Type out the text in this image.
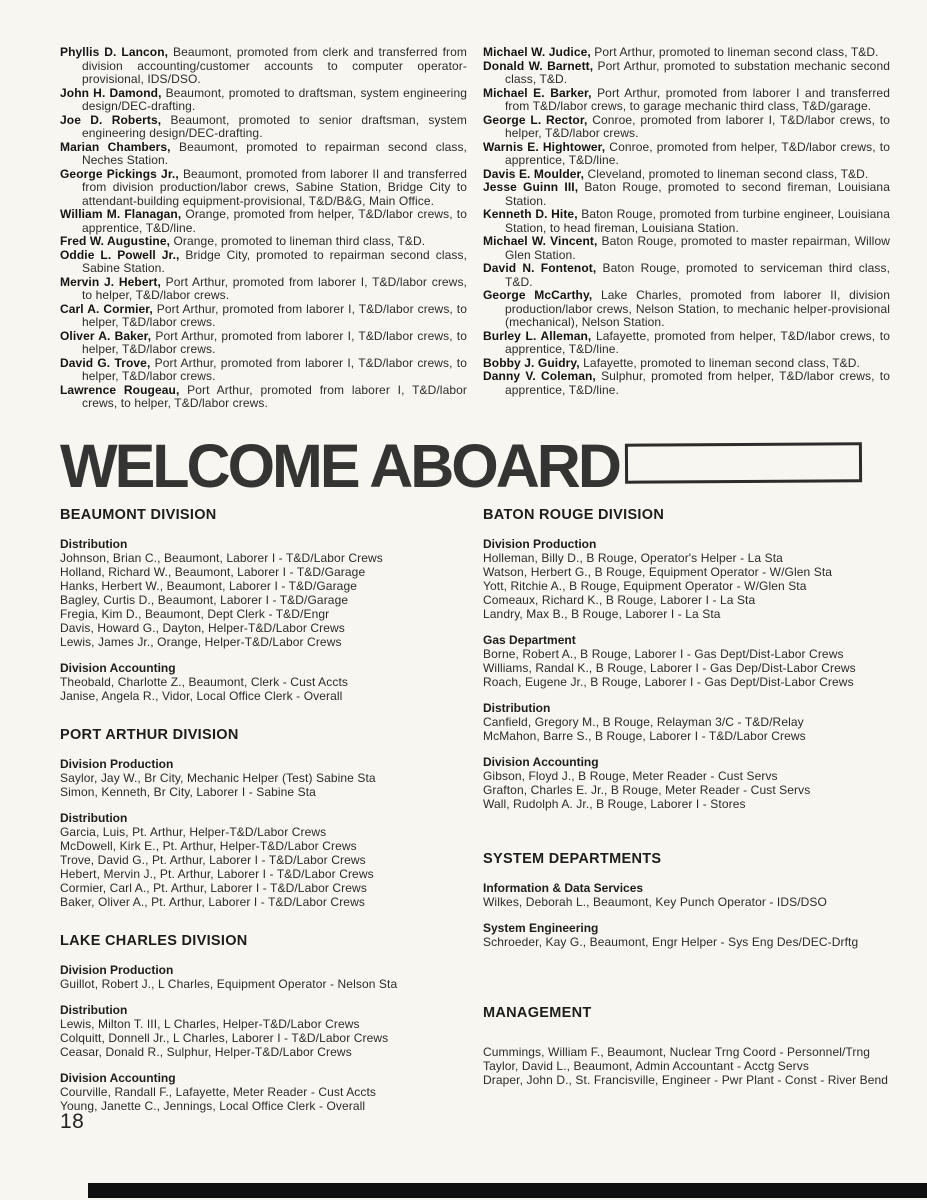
Phyllis D. Lancon, Beaumont, promoted from clerk and transferred from division accounting/customer accounts to computer operator-provisional, IDS/DSO.

John H. Damond, Beaumont, promoted to draftsman, system engineering design/DEC-drafting.

Joe D. Roberts, Beaumont, promoted to senior draftsman, system engineering design/DEC-drafting.

Marian Chambers, Beaumont, promoted to repairman second class, Neches Station.

George Pickings Jr., Beaumont, promoted from laborer II and transferred from division production/labor crews, Sabine Station, Bridge City to attendant-building equipment-provisional, T&D/B&G, Main Office.

William M. Flanagan, Orange, promoted from helper, T&D/labor crews, to apprentice, T&D/line.

Fred W. Augustine, Orange, promoted to lineman third class, T&D.

Oddie L. Powell Jr., Bridge City, promoted to repairman second class, Sabine Station.

Mervin J. Hebert, Port Arthur, promoted from laborer I, T&D/labor crews, to helper, T&D/labor crews.

Carl A. Cormier, Port Arthur, promoted from laborer I, T&D/labor crews, to helper, T&D/labor crews.

Oliver A. Baker, Port Arthur, promoted from laborer I, T&D/labor crews, to helper, T&D/labor crews.

David G. Trove, Port Arthur, promoted from laborer I, T&D/labor crews, to helper, T&D/labor crews.

Lawrence Rougeau, Port Arthur, promoted from laborer I, T&D/labor crews, to helper, T&D/labor crews.

Michael W. Judice, Port Arthur, promoted to lineman second class, T&D.

Donald W. Barnett, Port Arthur, promoted to substation mechanic second class, T&D.

Michael E. Barker, Port Arthur, promoted from laborer I and transferred from T&D/labor crews, to garage mechanic third class, T&D/garage.

George L. Rector, Conroe, promoted from laborer I, T&D/labor crews, to helper, T&D/labor crews.

Warnis E. Hightower, Conroe, promoted from helper, T&D/labor crews, to apprentice, T&D/line.

Davis E. Moulder, Cleveland, promoted to lineman second class, T&D.

Jesse Guinn III, Baton Rouge, promoted to second fireman, Louisiana Station.

Kenneth D. Hite, Baton Rouge, promoted from turbine engineer, Louisiana Station, to head fireman, Louisiana Station.

Michael W. Vincent, Baton Rouge, promoted to master repairman, Willow Glen Station.

David N. Fontenot, Baton Rouge, promoted to serviceman third class, T&D.

George McCarthy, Lake Charles, promoted from laborer II, division production/labor crews, Nelson Station, to mechanic helper-provisional (mechanical), Nelson Station.

Burley L. Alleman, Lafayette, promoted from helper, T&D/labor crews, to apprentice, T&D/line.

Bobby J. Guidry, Lafayette, promoted to lineman second class, T&D.

Danny V. Coleman, Sulphur, promoted from helper, T&D/labor crews, to apprentice, T&D/line.

WELCOME ABOARD
BEAUMONT DIVISION
Distribution

Johnson, Brian C., Beaumont, Laborer I - T&D/Labor Crews

Holland, Richard W., Beaumont, Laborer I - T&D/Garage

Hanks, Herbert W., Beaumont, Laborer I - T&D/Garage

Bagley, Curtis D., Beaumont, Laborer I - T&D/Garage

Fregia, Kim D., Beaumont, Dept Clerk - T&D/Engr

Davis, Howard G., Dayton, Helper-T&D/Labor Crews

Lewis, James Jr., Orange, Helper-T&D/Labor Crews

Division Accounting

Theobald, Charlotte Z., Beaumont, Clerk - Cust Accts

Janise, Angela R., Vidor, Local Office Clerk - Overall

PORT ARTHUR DIVISION
Division Production

Saylor, Jay W., Br City, Mechanic Helper (Test) Sabine Sta

Simon, Kenneth, Br City, Laborer I - Sabine Sta

Distribution

Garcia, Luis, Pt. Arthur, Helper-T&D/Labor Crews

McDowell, Kirk E., Pt. Arthur, Helper-T&D/Labor Crews

Trove, David G., Pt. Arthur, Laborer I - T&D/Labor Crews

Hebert, Mervin J., Pt. Arthur, Laborer I - T&D/Labor Crews

Cormier, Carl A., Pt. Arthur, Laborer I - T&D/Labor Crews

Baker, Oliver A., Pt. Arthur, Laborer I - T&D/Labor Crews

LAKE CHARLES DIVISION
Division Production

Guillot, Robert J., L Charles, Equipment Operator - Nelson Sta

Distribution

Lewis, Milton T. III, L Charles, Helper-T&D/Labor Crews

Colquitt, Donnell Jr., L Charles, Laborer I - T&D/Labor Crews

Ceasar, Donald R., Sulphur, Helper-T&D/Labor Crews

Division Accounting

Courville, Randall F., Lafayette, Meter Reader - Cust Accts

Young, Janette C., Jennings, Local Office Clerk - Overall

BATON ROUGE DIVISION
Division Production

Holleman, Billy D., B Rouge, Operator's Helper - La Sta

Watson, Herbert G., B Rouge, Equipment Operator - W/Glen Sta

Yott, Ritchie A., B Rouge, Equipment Operator - W/Glen Sta

Comeaux, Richard K., B Rouge, Laborer I - La Sta

Landry, Max B., B Rouge, Laborer I - La Sta

Gas Department

Borne, Robert A., B Rouge, Laborer I - Gas Dept/Dist-Labor Crews

Williams, Randal K., B Rouge, Laborer I - Gas Dep/Dist-Labor Crews

Roach, Eugene Jr., B Rouge, Laborer I - Gas Dept/Dist-Labor Crews

Distribution

Canfield, Gregory M., B Rouge, Relayman 3/C - T&D/Relay

McMahon, Barre S., B Rouge, Laborer I - T&D/Labor Crews

Division Accounting

Gibson, Floyd J., B Rouge, Meter Reader - Cust Servs

Grafton, Charles E. Jr., B Rouge, Meter Reader - Cust Servs

Wall, Rudolph A. Jr., B Rouge, Laborer I - Stores

SYSTEM DEPARTMENTS
Information & Data Services

Wilkes, Deborah L., Beaumont, Key Punch Operator - IDS/DSO

System Engineering

Schroeder, Kay G., Beaumont, Engr Helper - Sys Eng Des/DEC-Drftg

MANAGEMENT

Cummings, William F., Beaumont, Nuclear Trng Coord - Personnel/Trng

Taylor, David L., Beaumont, Admin Accountant - Acctg Servs

Draper, John D., St. Francisville, Engineer - Pwr Plant - Const - River Bend

18
